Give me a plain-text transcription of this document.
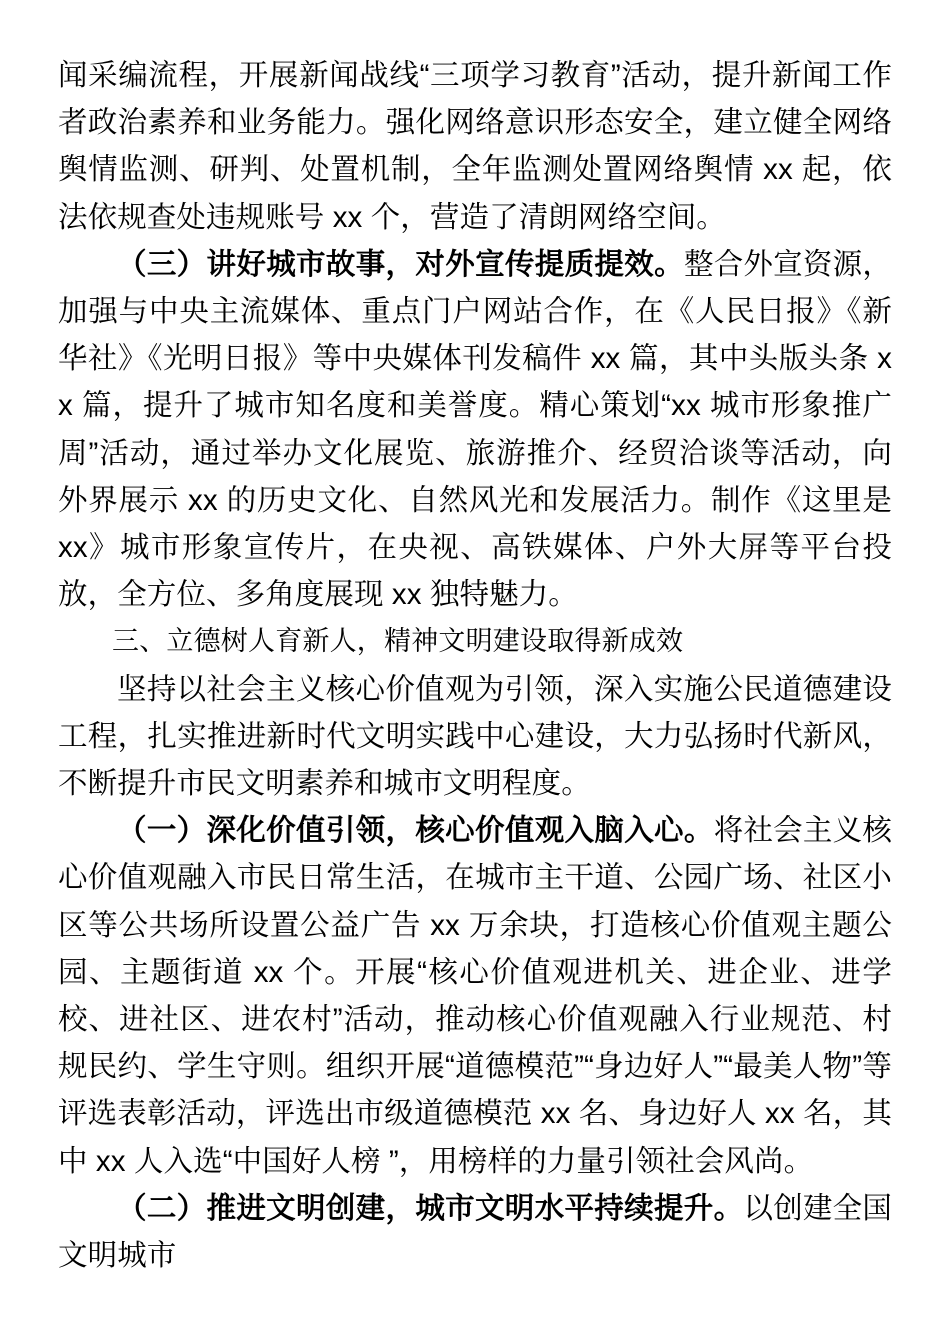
闻采编流程，开展新闻战线“三项学习教育”活动，提升新闻工作者政治素养和业务能力。强化网络意识形态安全，建立健全网络舆情监测、研判、处置机制，全年监测处置网络舆情 xx 起，依法依规查处违规账号 xx 个，营造了清朗网络空间。

（三）讲好城市故事，对外宣传提质提效。整合外宣资源，加强与中央主流媒体、重点门户网站合作，在《人民日报》《新华社》《光明日报》等中央媒体刊发稿件 xx 篇，其中头版头条 xx 篇，提升了城市知名度和美誉度。精心策划“xx 城市形象推广周”活动，通过举办文化展览、旅游推介、经贸洽谈等活动，向外界展示 xx 的历史文化、自然风光和发展活力。制作《这里是 xx》城市形象宣传片，在央视、高铁媒体、户外大屏等平台投放，全方位、多角度展现 xx 独特魅力。

三、立德树人育新人，精神文明建设取得新成效

坚持以社会主义核心价值观为引领，深入实施公民道德建设工程，扎实推进新时代文明实践中心建设，大力弘扬时代新风，不断提升市民文明素养和城市文明程度。

（一）深化价值引领，核心价值观入脑入心。将社会主义核心价值观融入市民日常生活，在城市主干道、公园广场、社区小区等公共场所设置公益广告 xx 万余块，打造核心价值观主题公园、主题街道 xx 个。开展“核心价值观进机关、进企业、进学校、进社区、进农村”活动，推动核心价值观融入行业规范、村规民约、学生守则。组织开展“道德模范”“身边好人”“最美人物”等评选表彰活动，评选出市级道德模范 xx 名、身边好人 xx 名，其中 xx 人入选“中国好人榜 ”，用榜样的力量引领社会风尚。

（二）推进文明创建，城市文明水平持续提升。以创建全国文明城市
